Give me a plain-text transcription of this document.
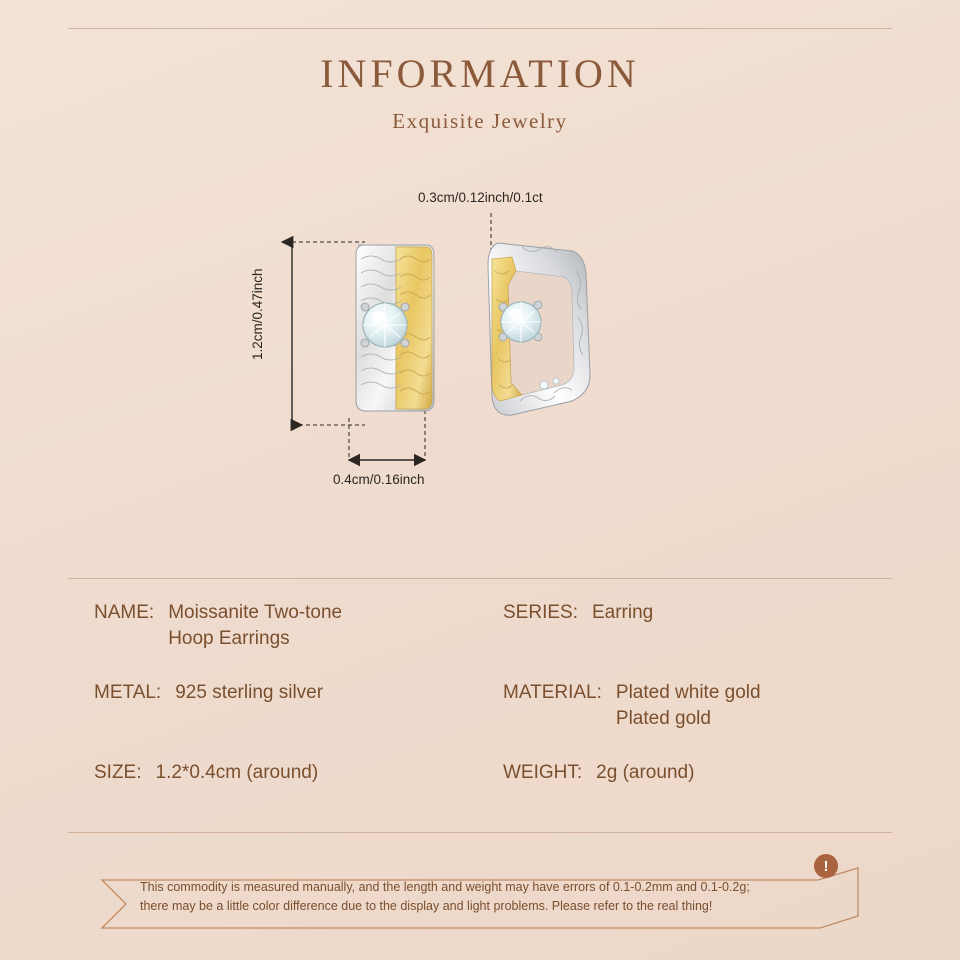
INFORMATION
Exquisite Jewelry
0.3cm/0.12inch/0.1ct
0.4cm/0.16inch
1.2cm/0.47inch
NAME: Moissanite Two-tone
Hoop Earrings
SERIES: Earring
METAL: 925 sterling silver	MATERIAL: Plated white gold
Plated gold
SIZE: 1.2*0.4cm (around)	WEIGHT: 2g (around)
This commodity is measured manually, and the length and weight may have errors of 0.1-0.2mm and 0.1-0.2g;
there may be a little color difference due to the display and light problems. Please refer to the real thing!
!
